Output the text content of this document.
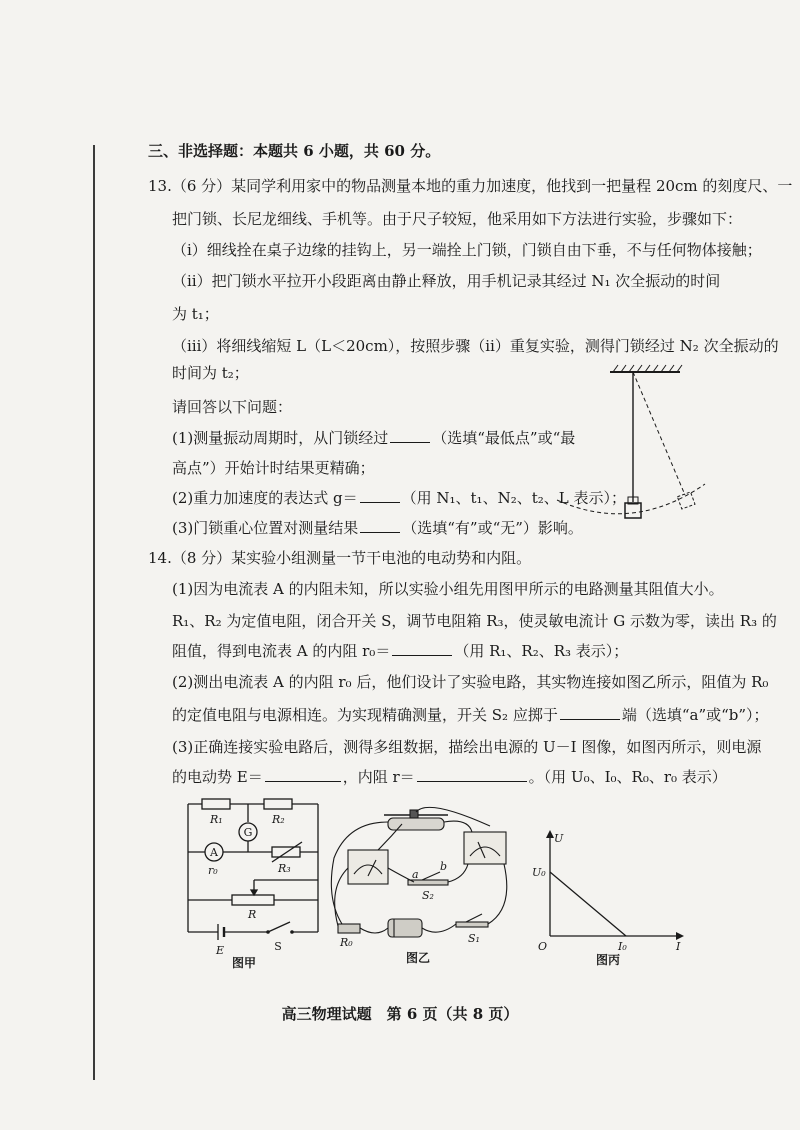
三、非选择题：本题共 6 小题，共 60 分。
13.（6 分）某同学利用家中的物品测量本地的重力加速度，他找到一把量程 20cm 的刻度尺、一
把门锁、长尼龙细线、手机等。由于尺子较短，他采用如下方法进行实验，步骤如下：
（ⅰ）细线拴在桌子边缘的挂钩上，另一端拴上门锁，门锁自由下垂，不与任何物体接触；
（ⅱ）把门锁水平拉开小段距离由静止释放，用手机记录其经过 N₁ 次全振动的时间
为 t₁；
（ⅲ）将细线缩短 L（L＜20cm），按照步骤（ⅱ）重复实验，测得门锁经过 N₂ 次全振动的
时间为 t₂；
请回答以下问题：
(1)测量振动周期时，从门锁经过	（选填“最低点”或“最
高点”）开始计时结果更精确；
(2)重力加速度的表达式 g＝	（用 N₁、t₁、N₂、t₂、L 表示）；
(3)门锁重心位置对测量结果	（选填“有”或“无”）影响。
14.（8 分）某实验小组测量一节干电池的电动势和内阻。
(1)因为电流表 A 的内阻未知，所以实验小组先用图甲所示的电路测量其阻值大小。
R₁、R₂ 为定值电阻，闭合开关 S，调节电阻箱 R₃，使灵敏电流计 G 示数为零，读出 R₃ 的
阻值，得到电流表 A 的内阻 r₀＝	（用 R₁、R₂、R₃ 表示）；
(2)测出电流表 A 的内阻 r₀ 后，他们设计了实验电路，其实物连接如图乙所示，阻值为 R₀
的定值电阻与电源相连。为实现精确测量，开关 S₂ 应掷于	端（选填“a”或“b”）；
(3)正确连接实验电路后，测得多组数据，描绘出电源的 U－I 图像，如图丙所示，则电源
的电动势 E＝	，内阻 r＝	。（用 U₀、I₀、R₀、r₀ 表示）
R₁	R₂
R₃
r₀
R
E
G
A
S
图甲
a
b
S₂
S₁
R₀
图乙
U
U₀
O	I₀	I
图丙
高三物理试题　第 6 页（共 8 页）
